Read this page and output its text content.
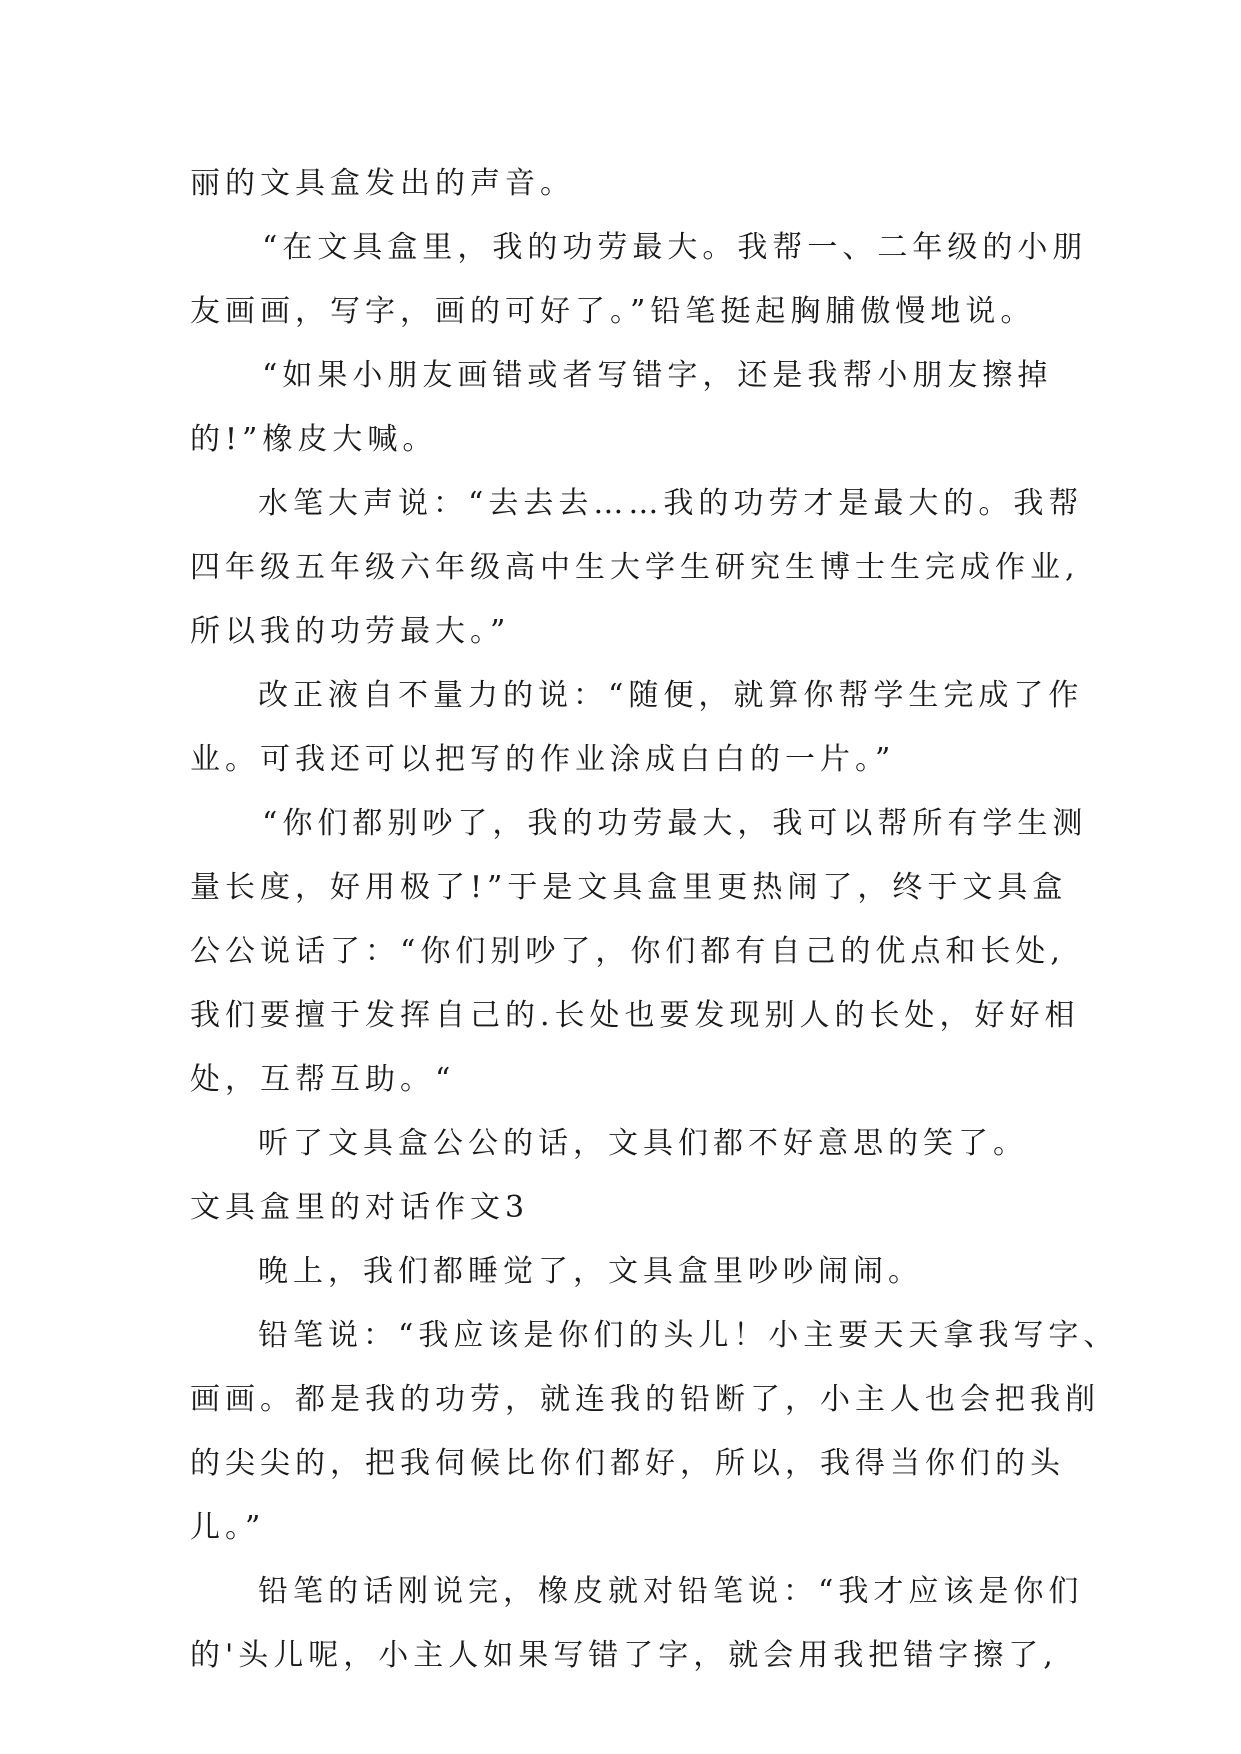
丽的文具盒发出的声音。
“在文具盒里，我的功劳最大。我帮一、二年级的小朋
友画画，写字，画的可好了。”铅笔挺起胸脯傲慢地说。
“如果小朋友画错或者写错字，还是我帮小朋友擦掉
的!”橡皮大喊。
水笔大声说：“去去去……我的功劳才是最大的。我帮
四年级五年级六年级高中生大学生研究生博士生完成作业,
所以我的功劳最大。”
改正液自不量力的说：“随便，就算你帮学生完成了作
业。可我还可以把写的作业涂成白白的一片。”
“你们都别吵了，我的功劳最大，我可以帮所有学生测
量长度，好用极了!”于是文具盒里更热闹了，终于文具盒
公公说话了：“你们别吵了，你们都有自己的优点和长处,
我们要擅于发挥自己的.长处也要发现别人的长处，好好相
处，互帮互助。“
听了文具盒公公的话，文具们都不好意思的笑了。
文具盒里的对话作文3
晚上，我们都睡觉了，文具盒里吵吵闹闹。
铅笔说：“我应该是你们的头儿！小主要天天拿我写字、
画画。都是我的功劳，就连我的铅断了，小主人也会把我削
的尖尖的，把我伺候比你们都好，所以，我得当你们的头
儿。”
铅笔的话刚说完，橡皮就对铅笔说：“我才应该是你们
的'头儿呢，小主人如果写错了字，就会用我把错字擦了,
